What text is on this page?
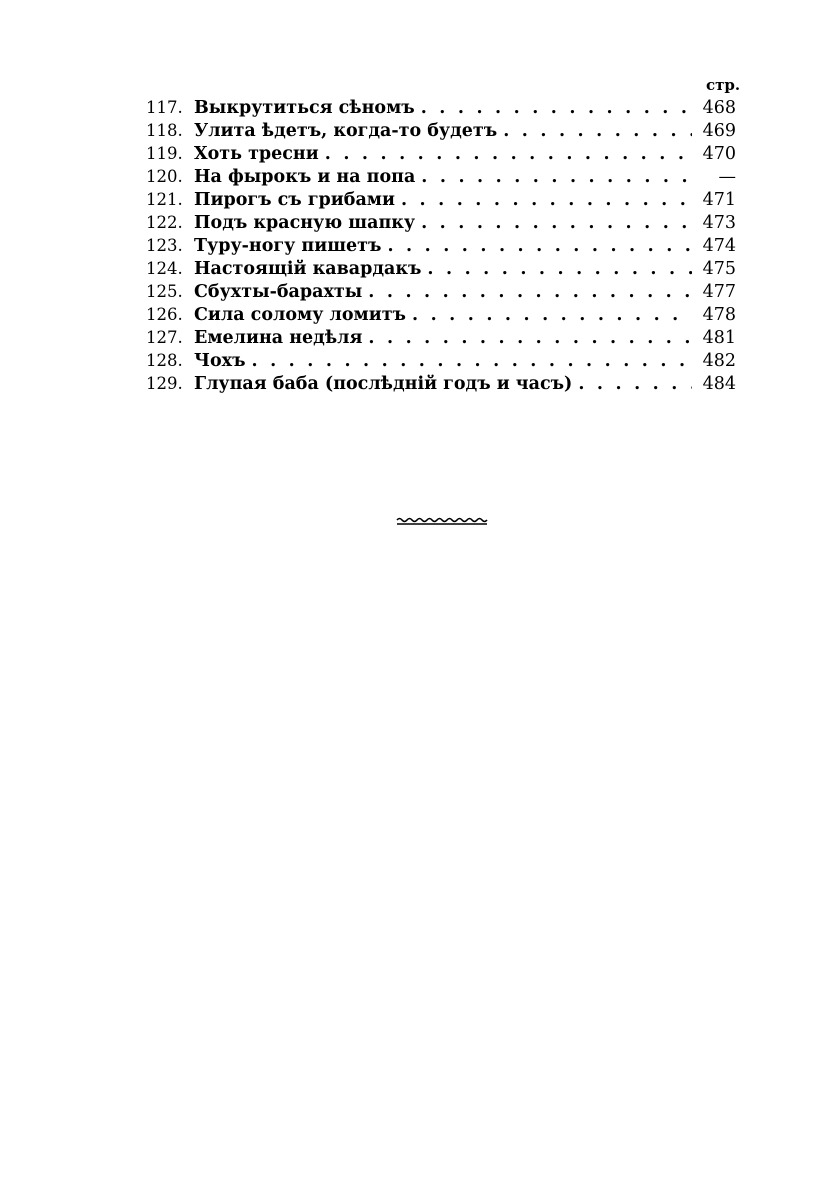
стр.
117. Выкрутиться сѣномъ . . .	468
118. Улита ѣдетъ, когда-то будетъ . . .	469
119. Хоть тресни . . .	470
120. На фырокъ и на попа . . .	—
121. Пирогъ съ грибами . . .	471
122. Подъ красную шапку . . .	473
123. Туру-ногу пишетъ . . .	474
124. Настоящій кавардакъ . . .	475
125. Сбухты-барахты . . .	477
126. Сила солому ломитъ . . .	478
127. Емелина недѣля . . .	481
128. Чохъ . . .	482
129. Глупая баба (послѣдній годъ и часъ) . . .	484
